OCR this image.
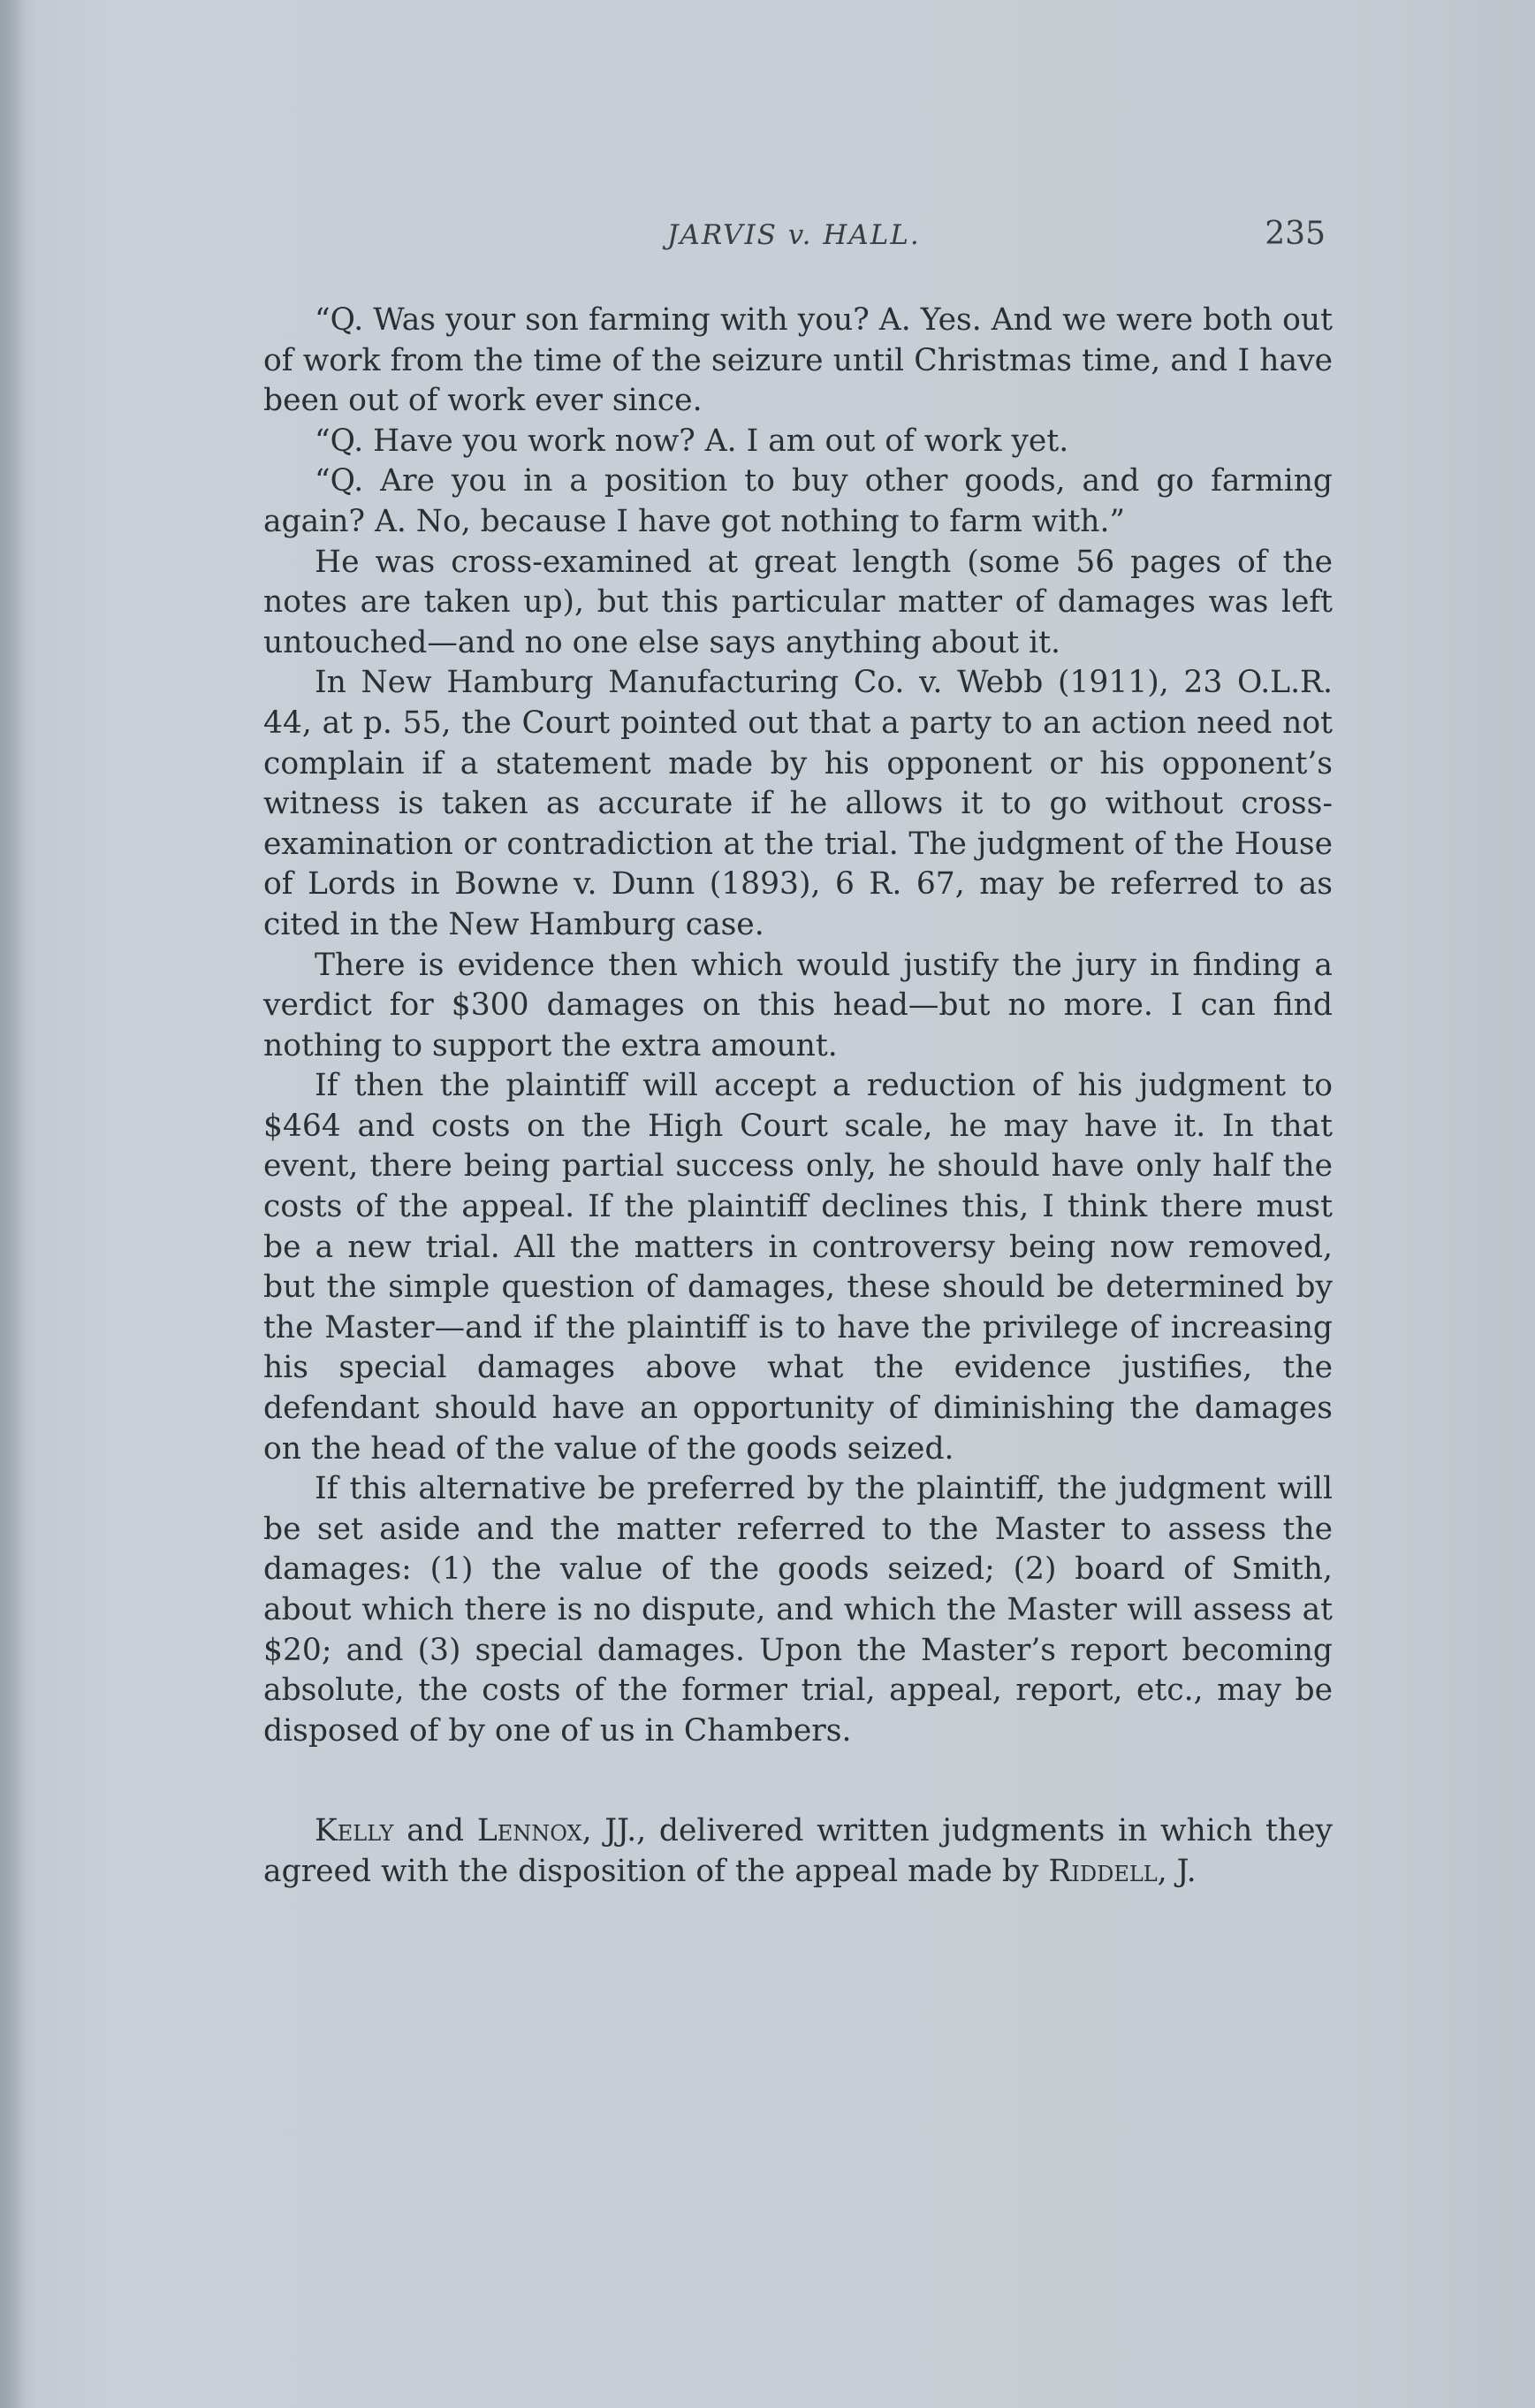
JARVIS v. HALL.	235

“Q. Was your son farming with you? A. Yes. And we were both out of work from the time of the seizure until Christmas time, and I have been out of work ever since.

“Q. Have you work now? A. I am out of work yet.

“Q. Are you in a position to buy other goods, and go farming again? A. No, because I have got nothing to farm with.”

He was cross-examined at great length (some 56 pages of the notes are taken up), but this particular matter of damages was left untouched—and no one else says anything about it.

In New Hamburg Manufacturing Co. v. Webb (1911), 23 O.L.R. 44, at p. 55, the Court pointed out that a party to an action need not complain if a statement made by his opponent or his opponent’s witness is taken as accurate if he allows it to go without cross-examination or contradiction at the trial. The judgment of the House of Lords in Bowne v. Dunn (1893), 6 R. 67, may be referred to as cited in the New Hamburg case.

There is evidence then which would justify the jury in finding a verdict for $300 damages on this head—but no more. I can find nothing to support the extra amount.

If then the plaintiff will accept a reduction of his judgment to $464 and costs on the High Court scale, he may have it. In that event, there being partial success only, he should have only half the costs of the appeal. If the plaintiff declines this, I think there must be a new trial. All the matters in controversy being now removed, but the simple question of damages, these should be determined by the Master—and if the plaintiff is to have the privilege of increasing his special damages above what the evidence justifies, the defendant should have an opportunity of diminishing the damages on the head of the value of the goods seized.

If this alternative be preferred by the plaintiff, the judgment will be set aside and the matter referred to the Master to assess the damages: (1) the value of the goods seized; (2) board of Smith, about which there is no dispute, and which the Master will assess at $20; and (3) special damages. Upon the Master’s report becoming absolute, the costs of the former trial, appeal, report, etc., may be disposed of by one of us in Chambers.

Kelly and Lennox, JJ., delivered written judgments in which they agreed with the disposition of the appeal made by Riddell, J.
